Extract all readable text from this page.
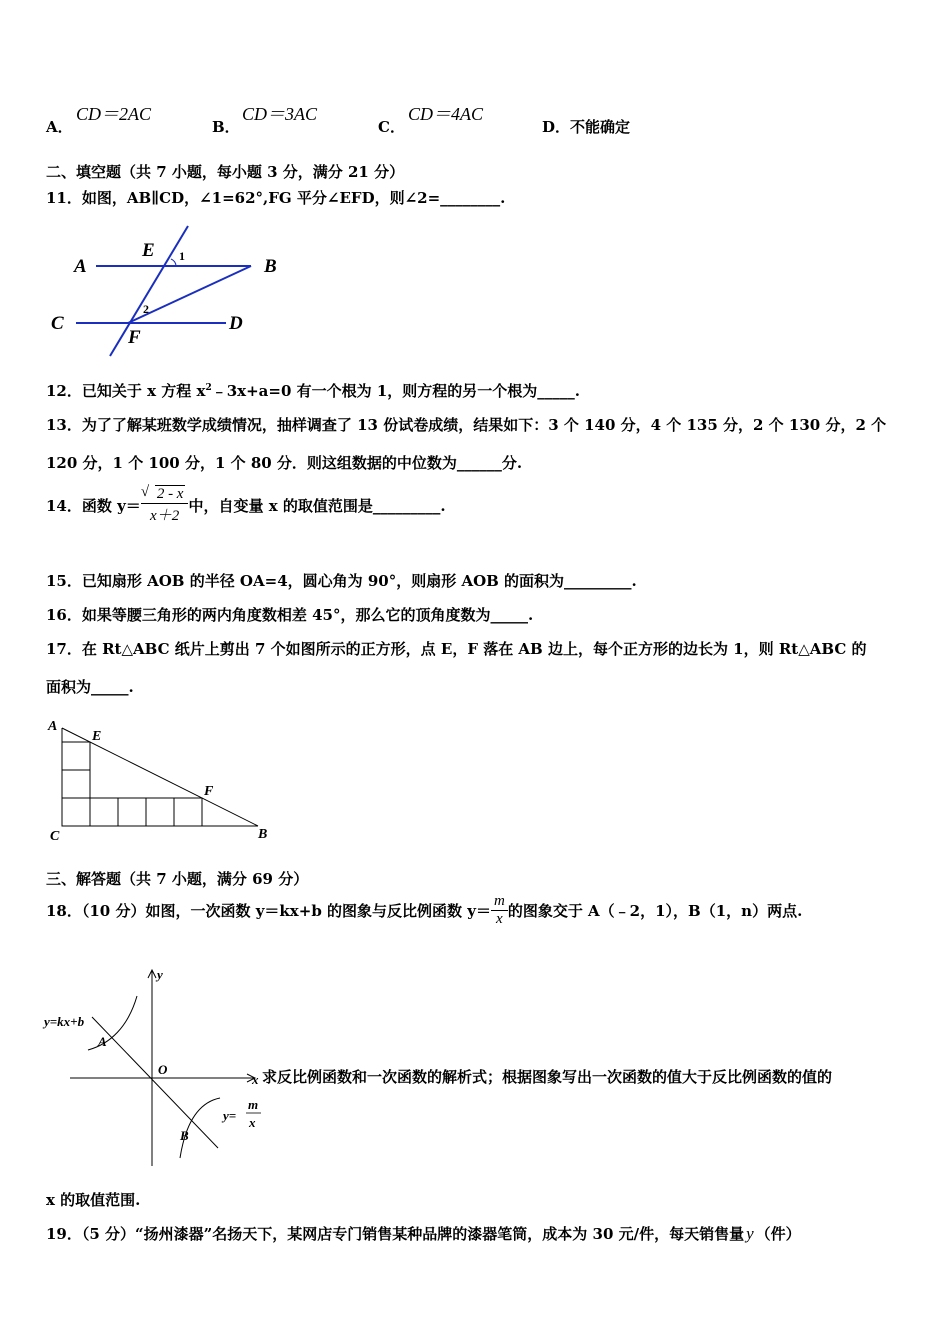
A．
CD＝2AC
B．
CD＝3AC
C．
CD＝4AC
D．不能确定
二、填空题（共 7 小题，每小题 3 分，满分 21 分）
11．如图，AB∥CD，∠1=62°,FG 平分∠EFD，则∠2=________.
A	B
C	D
E
F
1
2
12．已知关于 x 方程 $x^2﹣3x+a=0$ 有一个根为 1，则方程的另一个根为_____.
13．为了了解某班数学成绩情况，抽样调查了 13 份试卷成绩，结果如下：3 个 140 分，4 个 135 分，2 个 130 分，2 个
120 分，1 个 100 分，1 个 80 分．则这组数据的中位数为______分.
14．函数 $y= \frac{√ 2 - x}{x+2}$ 中，自变量 x 的取值范围是_________.
15．已知扇形 AOB 的半径 OA=4，圆心角为 90°，则扇形 AOB 的面积为_________.
16．如果等腰三角形的两内角度数相差 45°，那么它的顶角度数为_____.
17．在 Rt△ABC 纸片上剪出 7 个如图所示的正方形，点 E，F 落在 AB 边上，每个正方形的边长为 1，则 Rt△ABC 的
面积为_____.
A
E
F
C	B
三、解答题（共 7 小题，满分 69 分）
18．（10 分）如图，一次函数 y＝kx+b 的图象与反比例函数 $y= \frac{m}{x}$ 的图象交于 A（﹣2，1），B（1，n）两点.
y
x
O
A
B
y=kx+b
y=
m
x
求反比例函数和一次函数的解析式；根据图象写出一次函数的值大于反比例函数的值的
x 的取值范围.
19．（5 分）“扬州漆器”名扬天下，某网店专门销售某种品牌的漆器笔筒，成本为 30 元/件，每天销售量 y （件）
